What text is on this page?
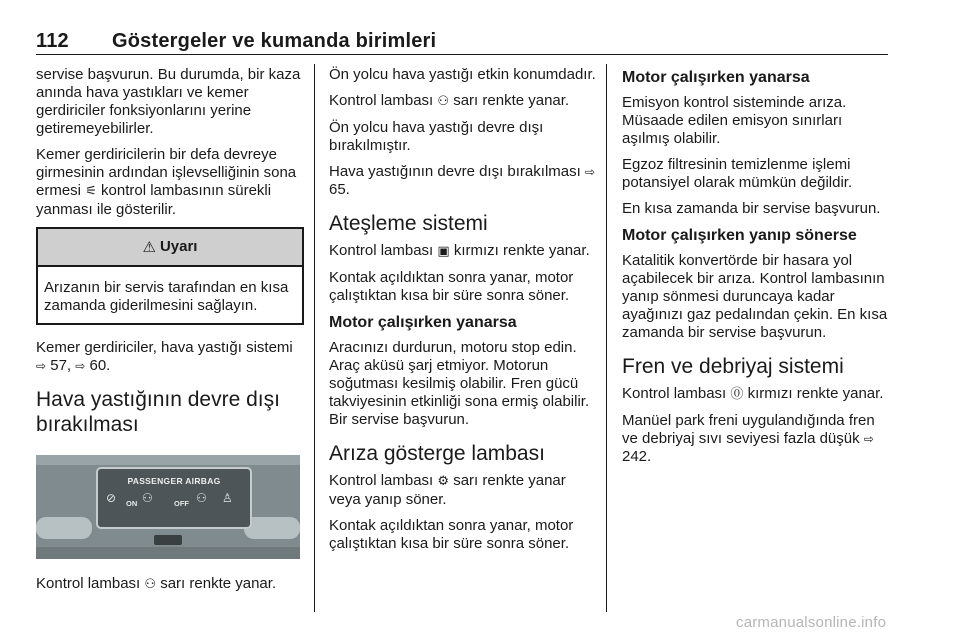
112 Göstergeler ve kumanda birimleri

servise başvurun. Bu durumda, bir kaza anında hava yastıkları ve kemer gerdiriciler fonksiyonlarını yerine getiremeyebilirler.

Kemer gerdiricilerin bir defa devreye girmesinin ardından işlevselliğinin sona ermesi ⚟ kontrol lambasının sürekli yanması ile gösterilir.

⚠ Uyarı
Arızanın bir servis tarafından en kısa zamanda giderilmesini sağlayın.

Kemer gerdiriciler, hava yastığı sistemi ⇨ 57, ⇨ 60.

Hava yastığının devre dışı bırakılması
PASSENGER AIRBAG
⊘ ON ⚇	OFF ⚇ ♙

Kontrol lambası ⚇ sarı renkte yanar.

Ön yolcu hava yastığı etkin konumdadır.

Kontrol lambası ⚇ sarı renkte yanar.

Ön yolcu hava yastığı devre dışı bırakılmıştır.

Hava yastığının devre dışı bırakılması ⇨ 65.

Ateşleme sistemi

Kontrol lambası ▣ kırmızı renkte yanar.

Kontak açıldıktan sonra yanar, motor çalıştıktan kısa bir süre sonra söner.

Motor çalışırken yanarsa

Aracınızı durdurun, motoru stop edin. Araç aküsü şarj etmiyor. Motorun soğutması kesilmiş olabilir. Fren gücü takviyesinin etkinliği sona ermiş olabilir. Bir servise başvurun.

Arıza gösterge lambası

Kontrol lambası ⚙ sarı renkte yanar veya yanıp söner.

Kontak açıldıktan sonra yanar, motor çalıştıktan kısa bir süre sonra söner.

Motor çalışırken yanarsa

Emisyon kontrol sisteminde arıza. Müsaade edilen emisyon sınırları aşılmış olabilir.

Egzoz filtresinin temizlenme işlemi potansiyel olarak mümkün değildir.

En kısa zamanda bir servise başvurun.

Motor çalışırken yanıp sönerse

Katalitik konvertörde bir hasara yol açabilecek bir arıza. Kontrol lambasının yanıp sönmesi duruncaya kadar ayağınızı gaz pedalından çekin. En kısa zamanda bir servise başvurun.

Fren ve debriyaj sistemi

Kontrol lambası ⓪ kırmızı renkte yanar.

Manüel park freni uygulandığında fren ve debriyaj sıvı seviyesi fazla düşük ⇨ 242.

carmanualsonline.info
